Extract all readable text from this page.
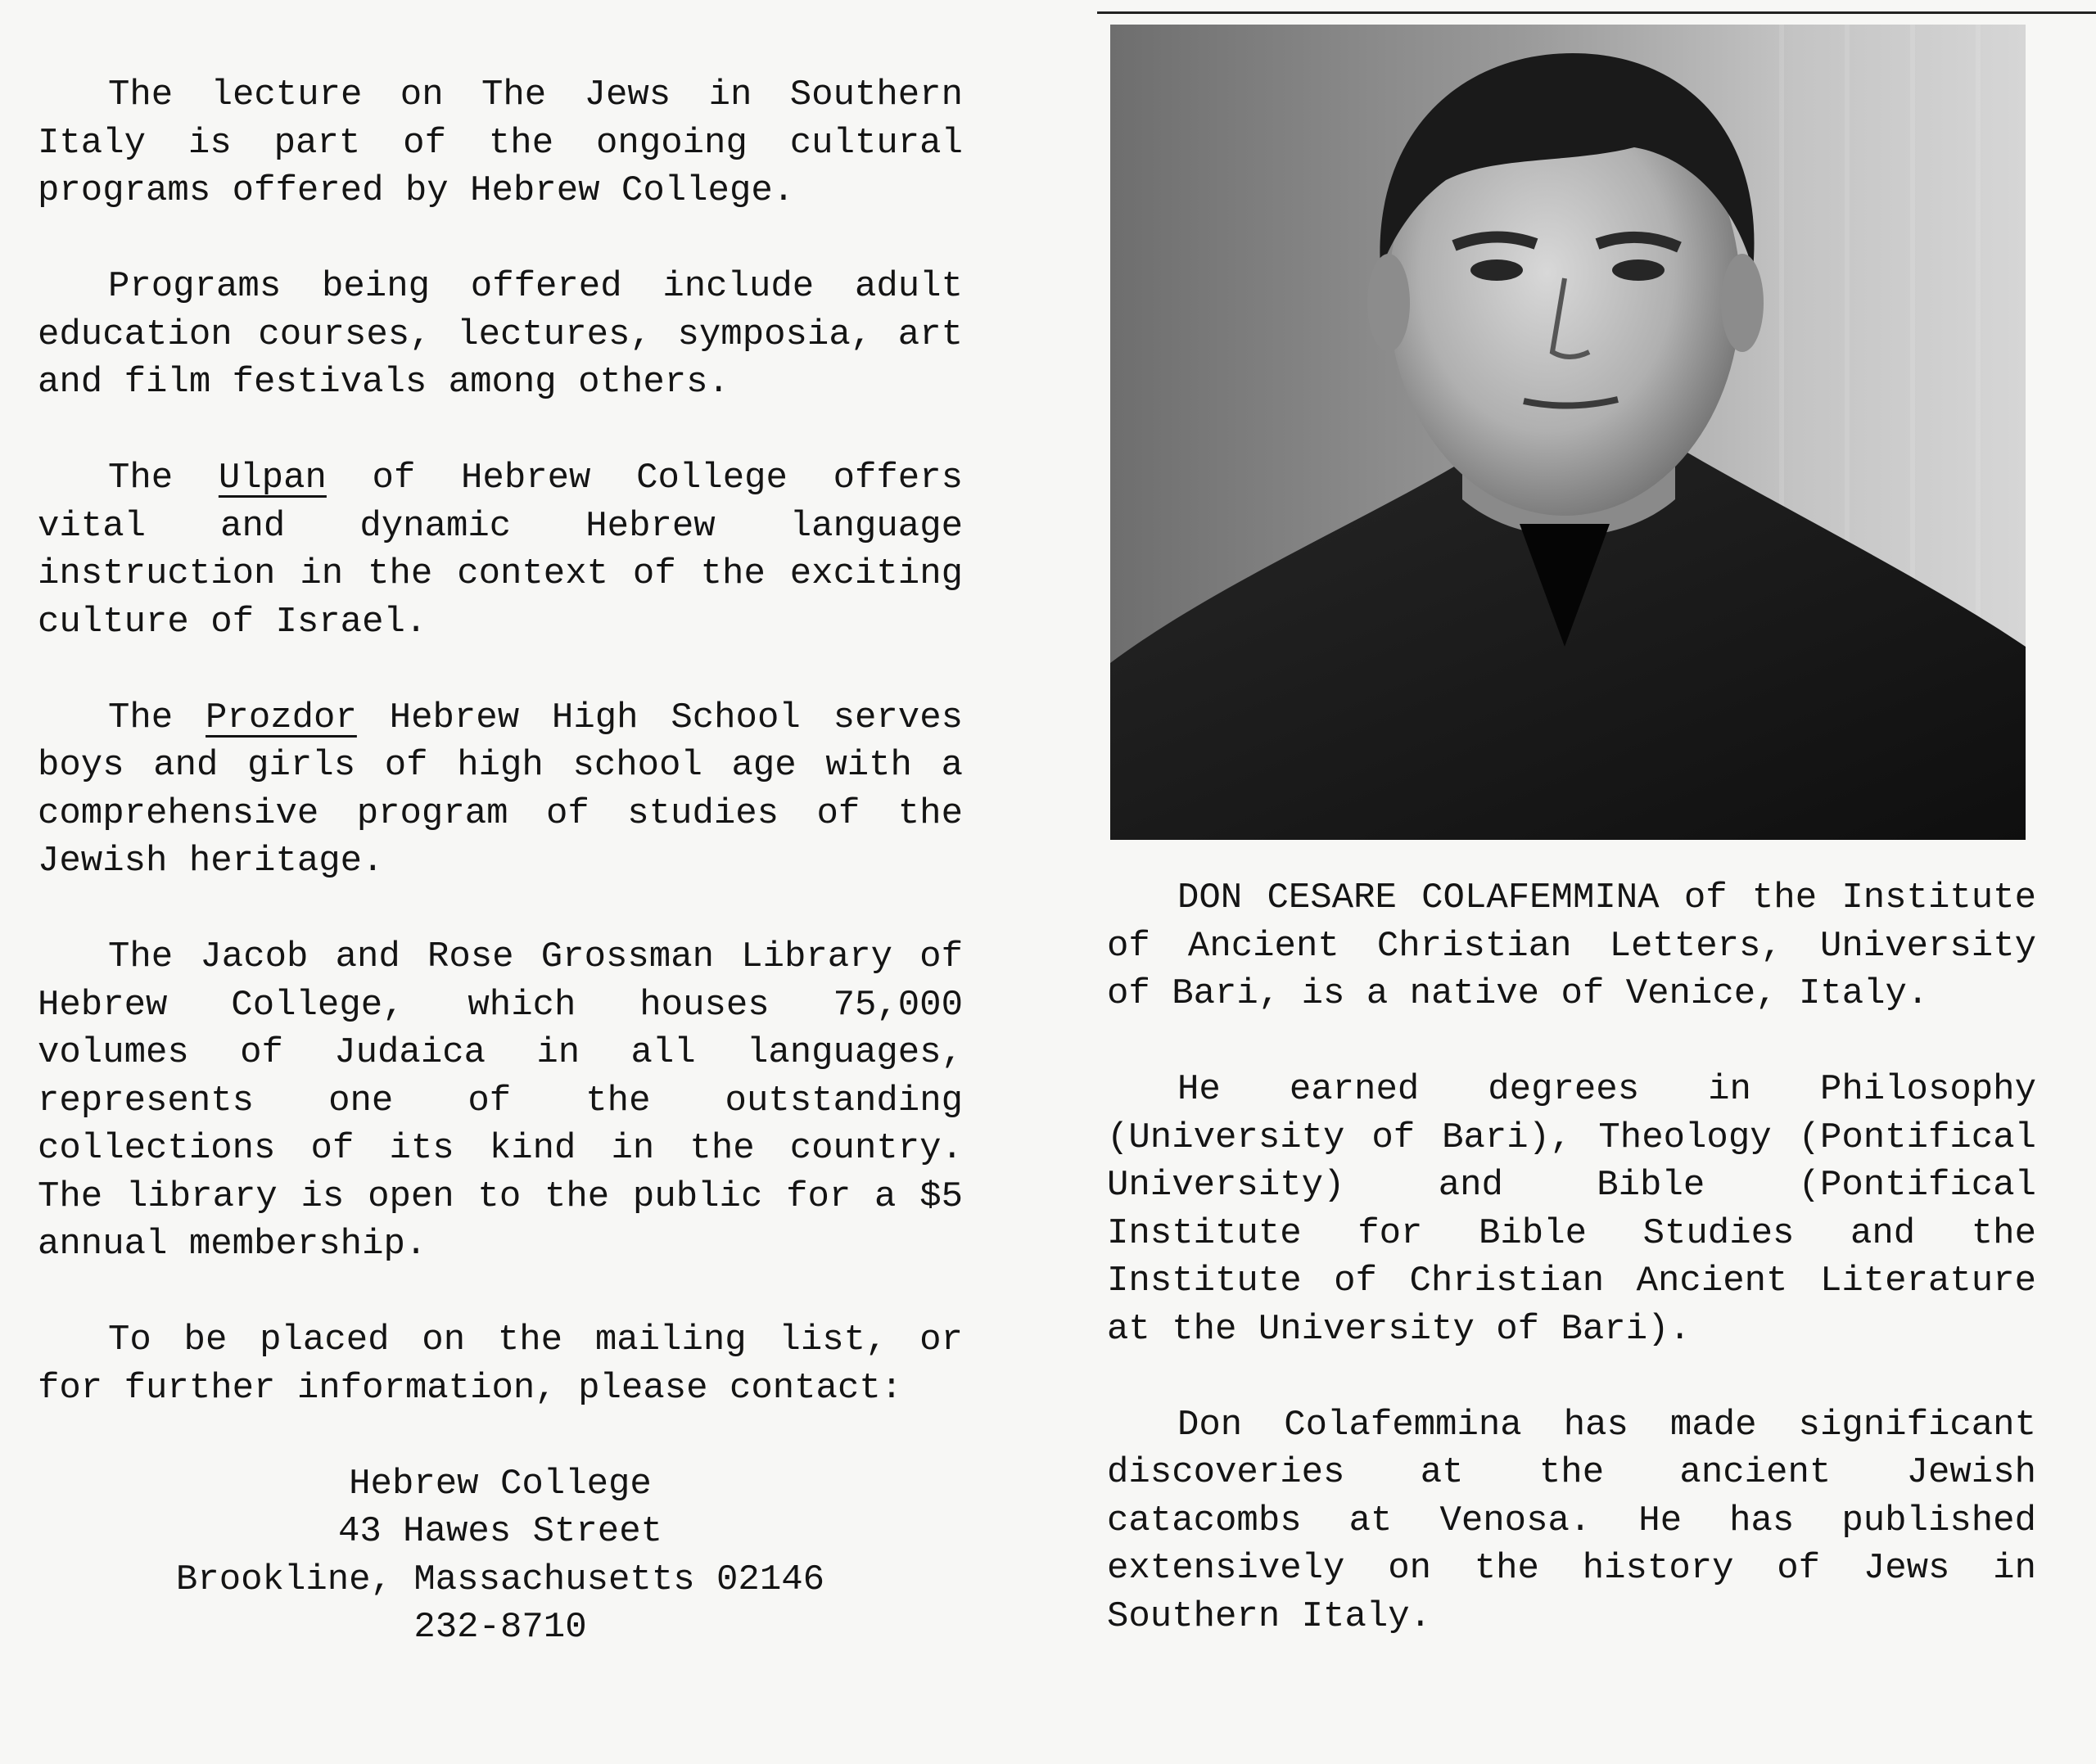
The lecture on The Jews in Southern Italy is part of the ongoing cultural programs offered by Hebrew College.

Programs being offered include adult education courses, lectures, symposia, art and film festivals among others.

The Ulpan of Hebrew College offers vital and dynamic Hebrew language instruction in the context of the exciting culture of Israel.

The Prozdor Hebrew High School serves boys and girls of high school age with a comprehensive program of studies of the Jewish heritage.

The Jacob and Rose Grossman Library of Hebrew College, which houses 75,000 volumes of Judaica in all languages, represents one of the outstanding collections of its kind in the country. The library is open to the public for a $5 annual membership.

To be placed on the mailing list, or for further information, please contact:

Hebrew College
43 Hawes Street
Brookline, Massachusetts 02146
232-8710

DON CESARE COLAFEMMINA of the Institute of Ancient Christian Letters, University of Bari, is a native of Venice, Italy.

He earned degrees in Philosophy (University of Bari), Theology (Pontifical University) and Bible (Pontifical Institute for Bible Studies and the Institute of Christian Ancient Literature at the University of Bari).

Don Colafemmina has made significant discoveries at the ancient Jewish catacombs at Venosa. He has published extensively on the history of Jews in Southern Italy.
